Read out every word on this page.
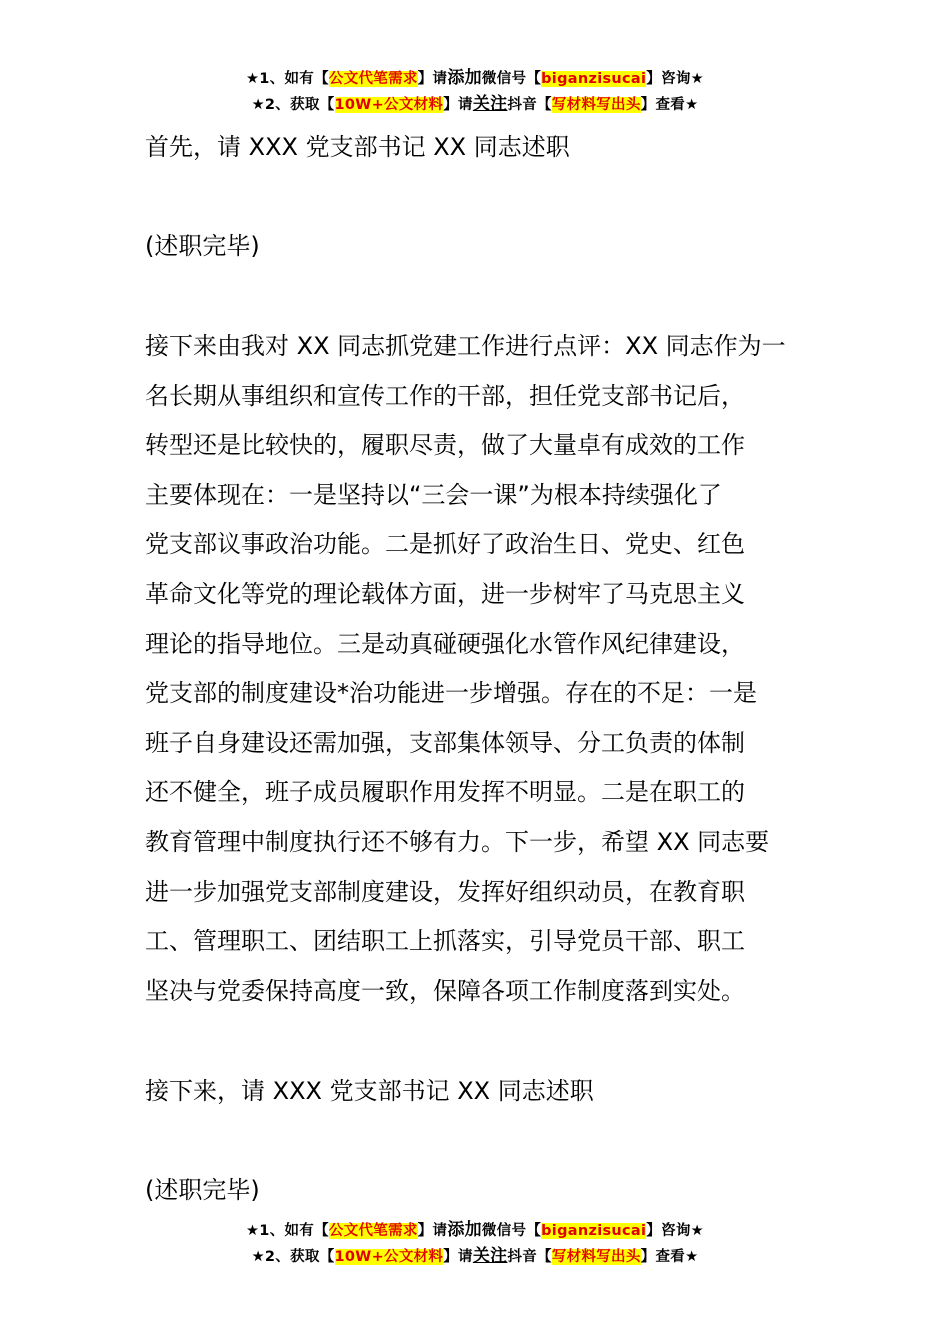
★1、如有【公文代笔需求】请添加微信号【biganzisucai】咨询★
★2、获取【10W+公文材料】请关注抖音【写材料写出头】查看★

首先，请 XXX 党支部书记 XX 同志述职

(述职完毕)

接下来由我对 XX 同志抓党建工作进行点评：XX 同志作为一
名长期从事组织和宣传工作的干部，担任党支部书记后，
转型还是比较快的，履职尽责，做了大量卓有成效的工作
主要体现在：一是坚持以“三会一课”为根本持续强化了
党支部议事政治功能。二是抓好了政治生日、党史、红色
革命文化等党的理论载体方面，进一步树牢了马克思主义
理论的指导地位。三是动真碰硬强化水管作风纪律建设，
党支部的制度建设*治功能进一步增强。存在的不足：一是
班子自身建设还需加强，支部集体领导、分工负责的体制
还不健全，班子成员履职作用发挥不明显。二是在职工的
教育管理中制度执行还不够有力。下一步，希望 XX 同志要
进一步加强党支部制度建设，发挥好组织动员，在教育职
工、管理职工、团结职工上抓落实，引导党员干部、职工
坚决与党委保持高度一致，保障各项工作制度落到实处。

接下来，请 XXX 党支部书记 XX 同志述职

(述职完毕)

★1、如有【公文代笔需求】请添加微信号【biganzisucai】咨询★
★2、获取【10W+公文材料】请关注抖音【写材料写出头】查看★
